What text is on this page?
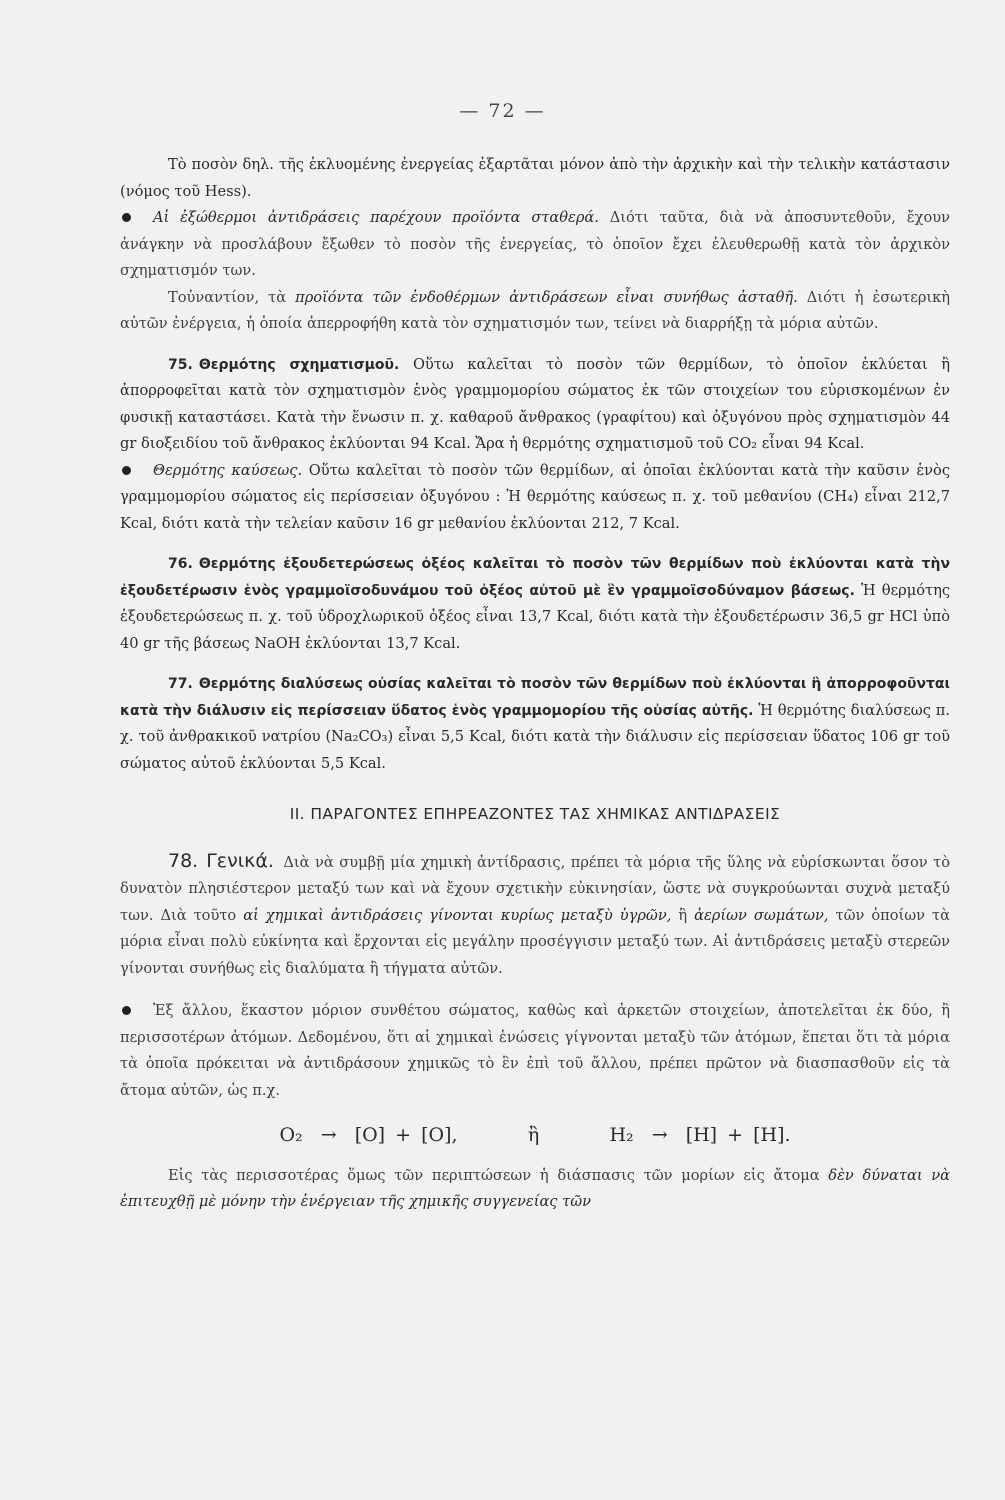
— 72 —

Τὸ ποσὸν δηλ. τῆς ἐκλυομένης ἐνεργείας ἐξαρτᾶται μόνον ἀπὸ τὴν ἀρχικὴν καὶ τὴν τελικὴν κατάστασιν (νόμος τοῦ Hess).

Αἱ ἐξώθερμοι ἀντιδράσεις παρέχουν προϊόντα σταθερά. Διότι ταῦτα, διὰ νὰ ἀποσυντεθοῦν, ἔχουν ἀνάγκην νὰ προσλάβουν ἔξωθεν τὸ ποσὸν τῆς ἐνεργείας, τὸ ὁποῖον ἔχει ἐλευθερωθῇ κατὰ τὸν ἀρχικὸν σχηματισμόν των.

Τοὐναντίον, τὰ προϊόντα τῶν ἐνδοθέρμων ἀντιδράσεων εἶναι συνήθως ἀσταθῆ. Διότι ἡ ἐσωτερικὴ αὐτῶν ἐνέργεια, ἡ ὁποία ἀπερροφήθη κατὰ τὸν σχηματισμόν των, τείνει νὰ διαρρήξῃ τὰ μόρια αὐτῶν.

75. Θερμότης σχηματισμοῦ. Οὕτω καλεῖται τὸ ποσὸν τῶν θερμίδων, τὸ ὁποῖον ἐκλύεται ἢ ἀπορροφεῖται κατὰ τὸν σχηματισμὸν ἑνὸς γραμμομορίου σώματος ἐκ τῶν στοιχείων του εὑρισκομένων ἐν φυσικῇ καταστάσει. Κατὰ τὴν ἕνωσιν π. χ. καθαροῦ ἄνθρακος (γραφίτου) καὶ ὀξυγόνου πρὸς σχηματισμὸν 44 gr διοξειδίου τοῦ ἄνθρακος ἐκλύονται 94 Kcal. Ἄρα ἡ θερμότης σχηματισμοῦ τοῦ CO₂ εἶναι 94 Kcal.

Θερμότης καύσεως. Οὕτω καλεῖται τὸ ποσὸν τῶν θερμίδων, αἱ ὁποῖαι ἐκλύονται κατὰ τὴν καῦσιν ἑνὸς γραμμομορίου σώματος εἰς περίσσειαν ὀξυγόνου : Ἡ θερμότης καύσεως π. χ. τοῦ μεθανίου (CH₄) εἶναι 212,7 Kcal, διότι κατὰ τὴν τελείαν καῦσιν 16 gr μεθανίου ἐκλύονται 212, 7 Kcal.

76. Θερμότης ἐξουδετερώσεως ὀξέος καλεῖται τὸ ποσὸν τῶν θερμίδων ποὺ ἐκλύονται κατὰ τὴν ἐξουδετέρωσιν ἑνὸς γραμμοϊσοδυνάμου τοῦ ὀξέος αὐτοῦ μὲ ἓν γραμμοϊσοδύναμον βάσεως. Ἡ θερμότης ἐξουδετερώσεως π. χ. τοῦ ὑδροχλωρικοῦ ὀξέος εἶναι 13,7 Kcal, διότι κατὰ τὴν ἐξουδετέρωσιν 36,5 gr HCl ὑπὸ 40 gr τῆς βάσεως NaOH ἐκλύονται 13,7 Kcal.

77. Θερμότης διαλύσεως οὐσίας καλεῖται τὸ ποσὸν τῶν θερμίδων ποὺ ἐκλύονται ἢ ἀπορροφοῦνται κατὰ τὴν διάλυσιν εἰς περίσσειαν ὕδατος ἑνὸς γραμμομορίου τῆς οὐσίας αὐτῆς. Ἡ θερμότης διαλύσεως π. χ. τοῦ ἀνθρακικοῦ νατρίου (Na₂CO₃) εἶναι 5,5 Kcal, διότι κατὰ τὴν διάλυσιν εἰς περίσσειαν ὕδατος 106 gr τοῦ σώματος αὐτοῦ ἐκλύονται 5,5 Kcal.

II. ΠΑΡΑΓΟΝΤΕΣ ΕΠΗΡΕΑΖΟΝΤΕΣ ΤΑΣ ΧΗΜΙΚΑΣ ΑΝΤΙΔΡΑΣΕΙΣ

78. Γενικά. Διὰ νὰ συμβῇ μία χημικὴ ἀντίδρασις, πρέπει τὰ μόρια τῆς ὕλης νὰ εὑρίσκωνται ὅσον τὸ δυνατὸν πλησιέστερον μεταξύ των καὶ νὰ ἔχουν σχετικὴν εὐκινησίαν, ὥστε νὰ συγκρούωνται συχνὰ μεταξύ των. Διὰ τοῦτο αἱ χημικαὶ ἀντιδράσεις γίνονται κυρίως μεταξὺ ὑγρῶν, ἢ ἀερίων σωμάτων, τῶν ὁποίων τὰ μόρια εἶναι πολὺ εὐκίνητα καὶ ἔρχονται εἰς μεγάλην προσέγγισιν μεταξύ των. Αἱ ἀντιδράσεις μεταξὺ στερεῶν γίνονται συνήθως εἰς διαλύματα ἢ τήγματα αὐτῶν.

Ἐξ ἄλλου, ἕκαστον μόριον συνθέτου σώματος, καθὼς καὶ ἀρκετῶν στοιχείων, ἀποτελεῖται ἐκ δύο, ἢ περισσοτέρων ἀτόμων. Δεδομένου, ὅτι αἱ χημικαὶ ἑνώσεις γίγνονται μεταξὺ τῶν ἀτόμων, ἕπεται ὅτι τὰ μόρια τὰ ὁποῖα πρόκειται νὰ ἀντιδράσουν χημικῶς τὸ ἓν ἐπὶ τοῦ ἄλλου, πρέπει πρῶτον νὰ διασπασθοῦν εἰς τὰ ἄτομα αὐτῶν, ὡς π.χ.

O₂ → [O] + [O],	ἢ	H₂ → [H] + [H].

Εἰς τὰς περισσοτέρας ὅμως τῶν περιπτώσεων ἡ διάσπασις τῶν μορίων εἰς ἄτομα δὲν δύναται νὰ ἐπιτευχθῇ μὲ μόνην τὴν ἐνέργειαν τῆς χημικῆς συγγενείας τῶν
